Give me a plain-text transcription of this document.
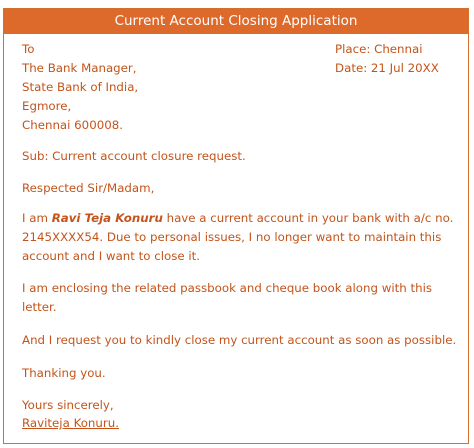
Current Account Closing Application
To
The Bank Manager,
State Bank of India,
Egmore,
Chennai 600008.
Place: Chennai
Date: 21 Jul 20XX
Sub: Current account closure request.
Respected Sir/Madam,
I am Ravi Teja Konuru have a current account in your bank with a/c no.
2145XXXX54. Due to personal issues, I no longer want to maintain this
account and I want to close it.
I am enclosing the related passbook and cheque book along with this
letter.
And I request you to kindly close my current account as soon as possible.
Thanking you.
Yours sincerely,
Raviteja Konuru.
